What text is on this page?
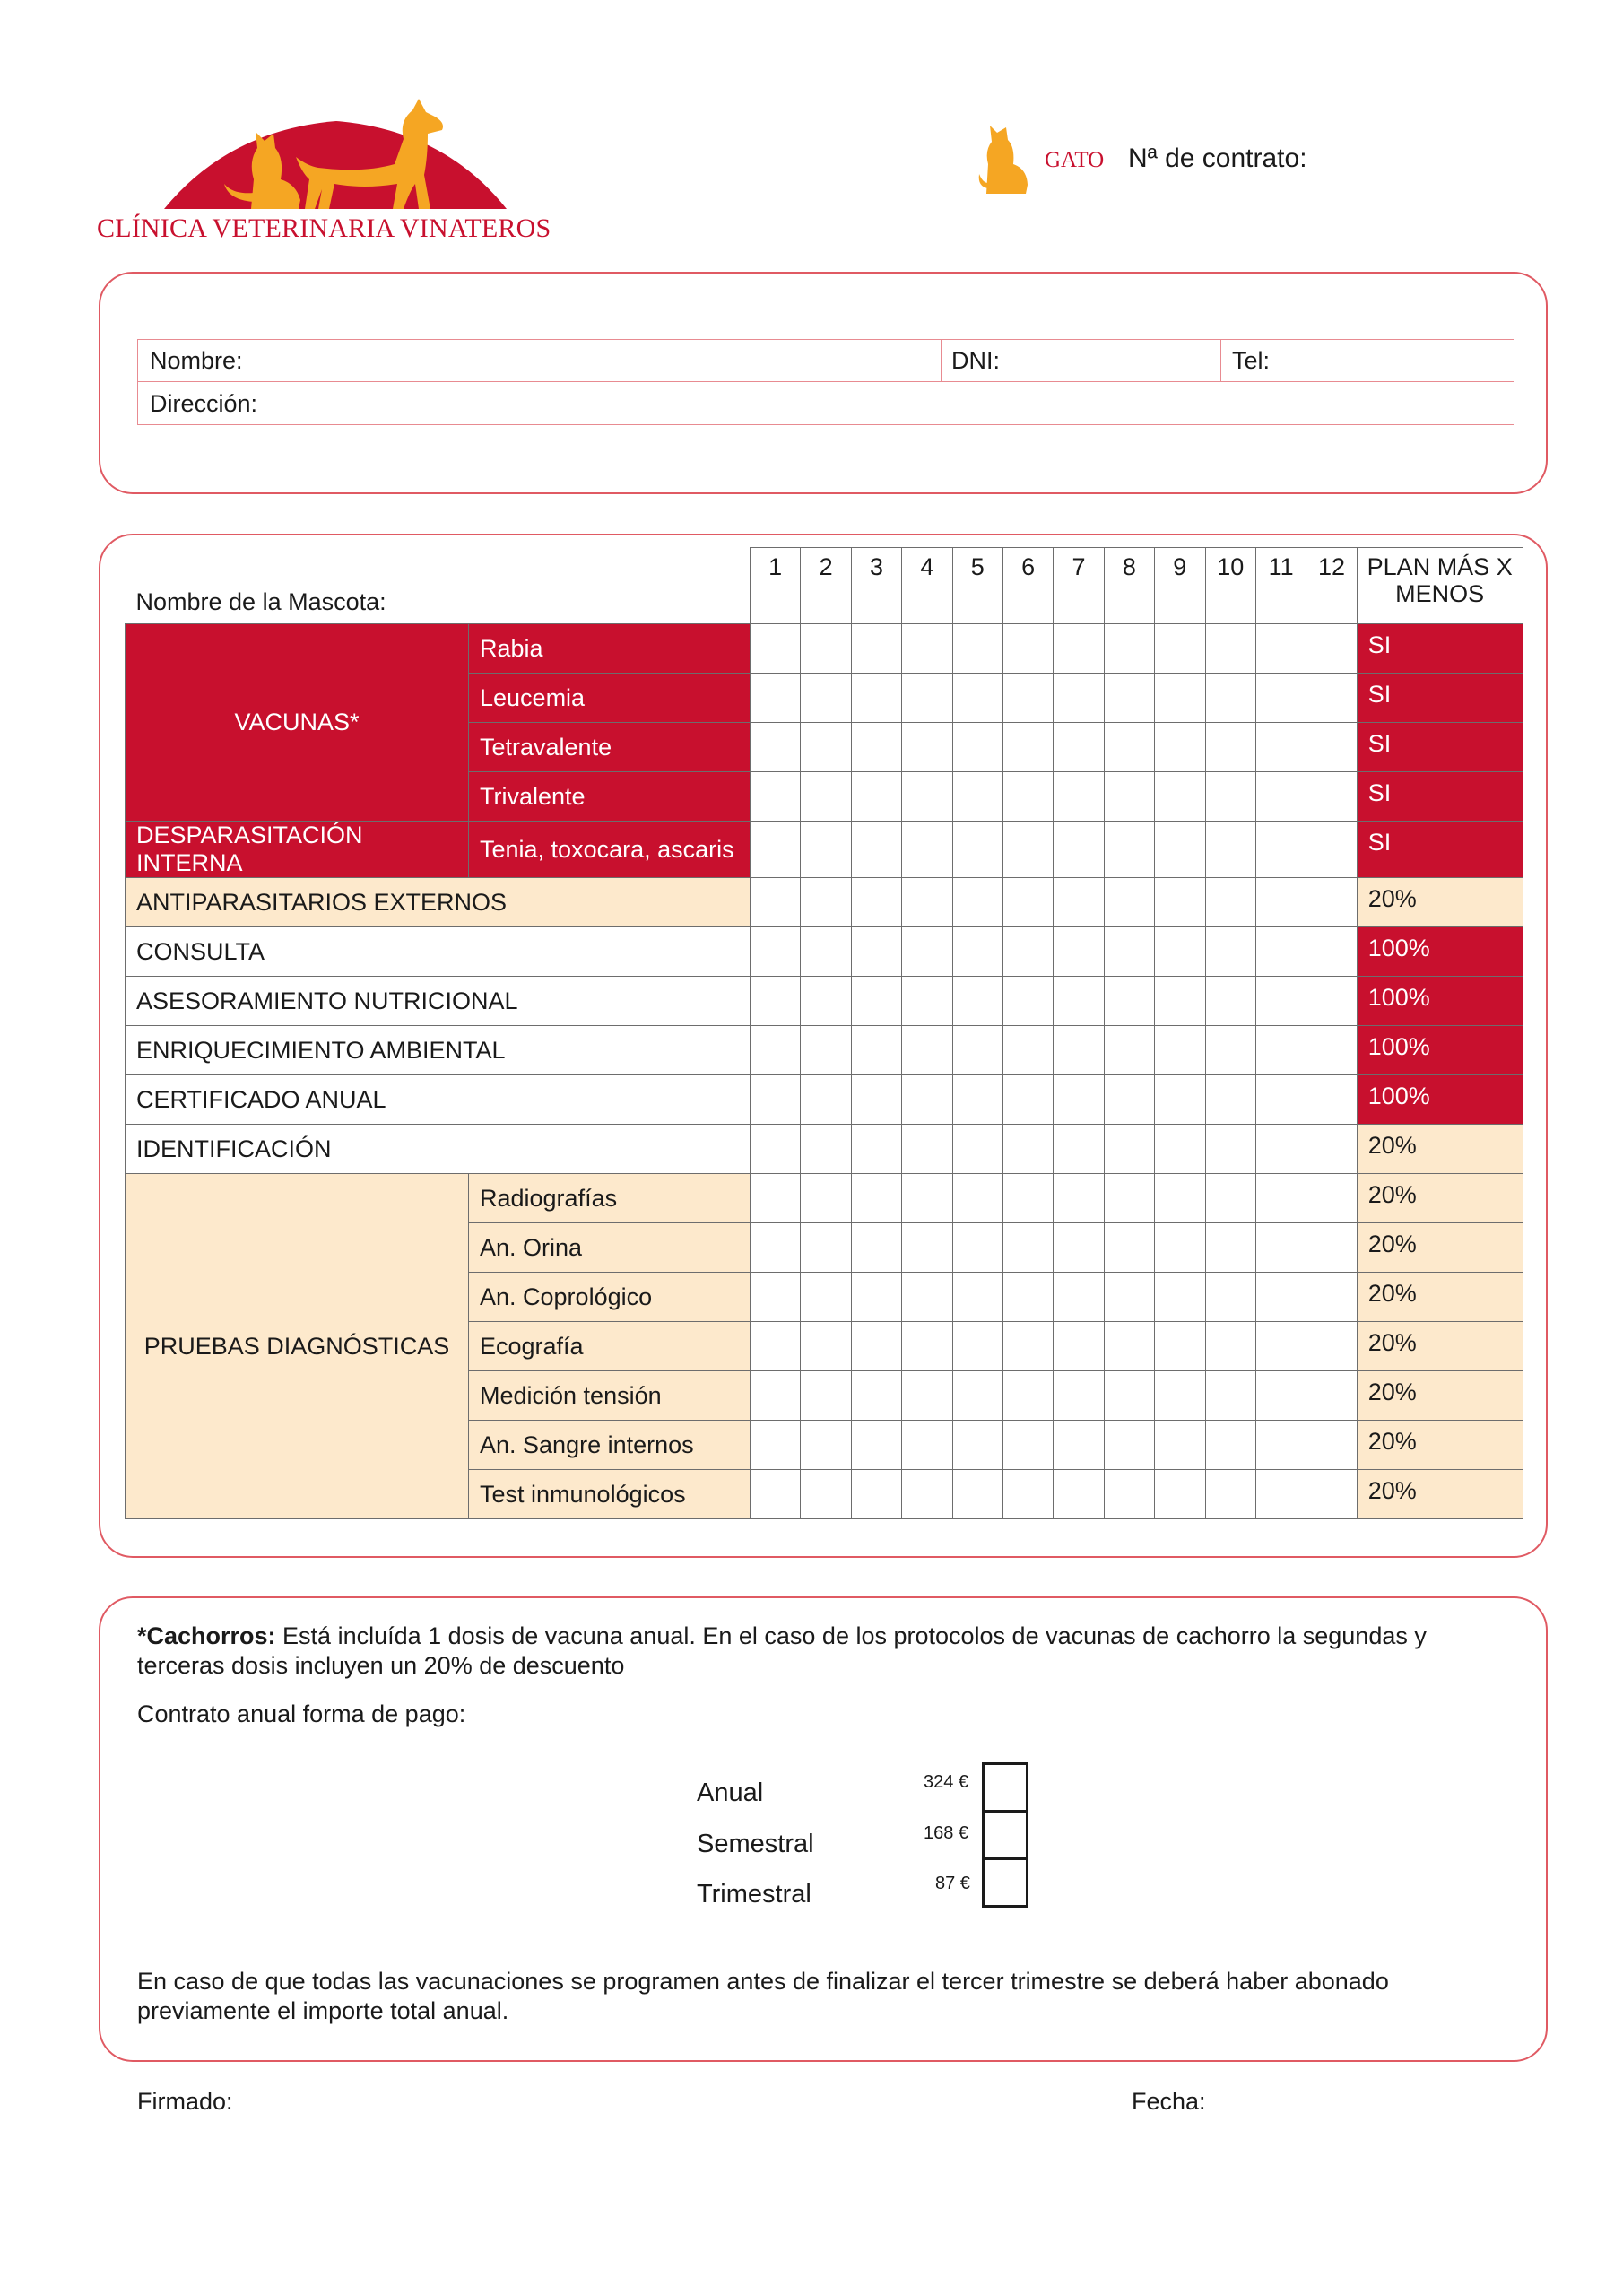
CLÍNICA VETERINARIA VINATEROS
GATO Nª de contrato:
Nombre:	DNI:	Tel:
Dirección:
Nombre de la Mascota:		1	2	3	4	5	6	7	8	9	10	11	12	PLAN MÁS X MENOS
VACUNAS*	Rabia													SI
	Leucemia													SI
	Tetravalente													SI
	Trivalente													SI
DESPARASITACIÓN INTERNA	Tenia, toxocara, ascaris													SI
ANTIPARASITARIOS EXTERNOS														20%
CONSULTA														100%
ASESORAMIENTO NUTRICIONAL														100%
ENRIQUECIMIENTO AMBIENTAL														100%
CERTIFICADO ANUAL														100%
IDENTIFICACIÓN														20%
PRUEBAS DIAGNÓSTICAS	Radiografías													20%
	An. Orina													20%
	An. Coprológico													20%
	Ecografía													20%
	Medición tensión													20%
	An. Sangre internos													20%
	Test inmunológicos													20%
*Cachorros: Está incluída 1 dosis de vacuna anual. En el caso de los protocolos de vacunas de cachorro la segundas y terceras dosis incluyen un 20% de descuento
Contrato anual forma de pago:
Anual	324 €
Semestral	168 €
Trimestral	87 €
En caso de que todas las vacunaciones se programen antes de finalizar el tercer trimestre se deberá haber abonado previamente el importe total anual.
Firmado:	Fecha:
